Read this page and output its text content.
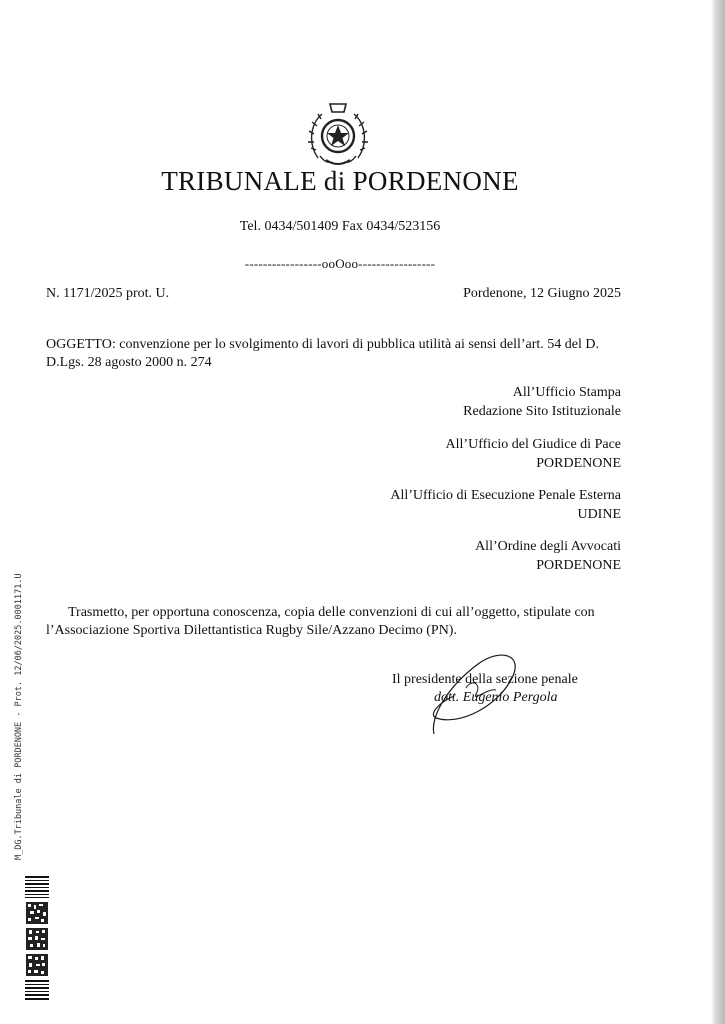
TRIBUNALE di PORDENONE
Tel. 0434/501409 Fax 0434/523156
-----------------ooOoo-----------------
N. 1171/2025 prot. U.	Pordenone, 12 Giugno 2025
OGGETTO: convenzione per lo svolgimento di lavori di pubblica utilità ai sensi dell’art. 54 del D. D.Lgs. 28 agosto 2000 n. 274
All’Ufficio Stampa
Redazione Sito Istituzionale
All’Ufficio del Giudice di Pace
PORDENONE
All’Ufficio di Esecuzione Penale Esterna
UDINE
All’Ordine degli Avvocati
PORDENONE

Trasmetto, per opportuna conoscenza, copia delle convenzioni di cui all’oggetto, stipulate con l’Associazione Sportiva Dilettantistica Rugby Sile/Azzano Decimo (PN).

Il presidente della sezione penale
dott. Eugenio Pergola
M_DG.Tribunale di PORDENONE - Prot. 12/06/2025.0001171.U
